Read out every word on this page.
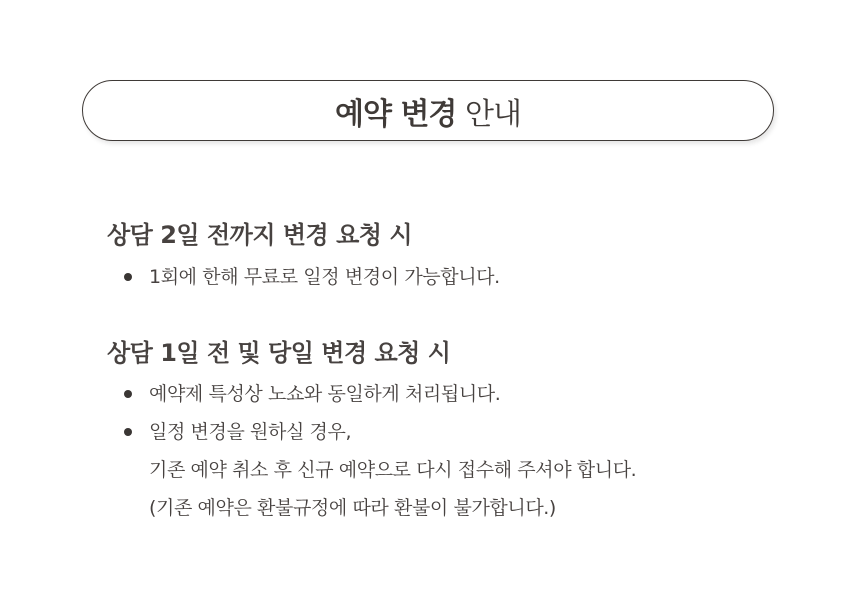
예약 변경 안내
상담 2일 전까지 변경 요청 시
1회에 한해 무료로 일정 변경이 가능합니다.
상담 1일 전 및 당일 변경 요청 시
예약제 특성상 노쇼와 동일하게 처리됩니다.
일정 변경을 원하실 경우,
기존 예약 취소 후 신규 예약으로 다시 접수해 주셔야 합니다.
(기존 예약은 환불규정에 따라 환불이 불가합니다.)
